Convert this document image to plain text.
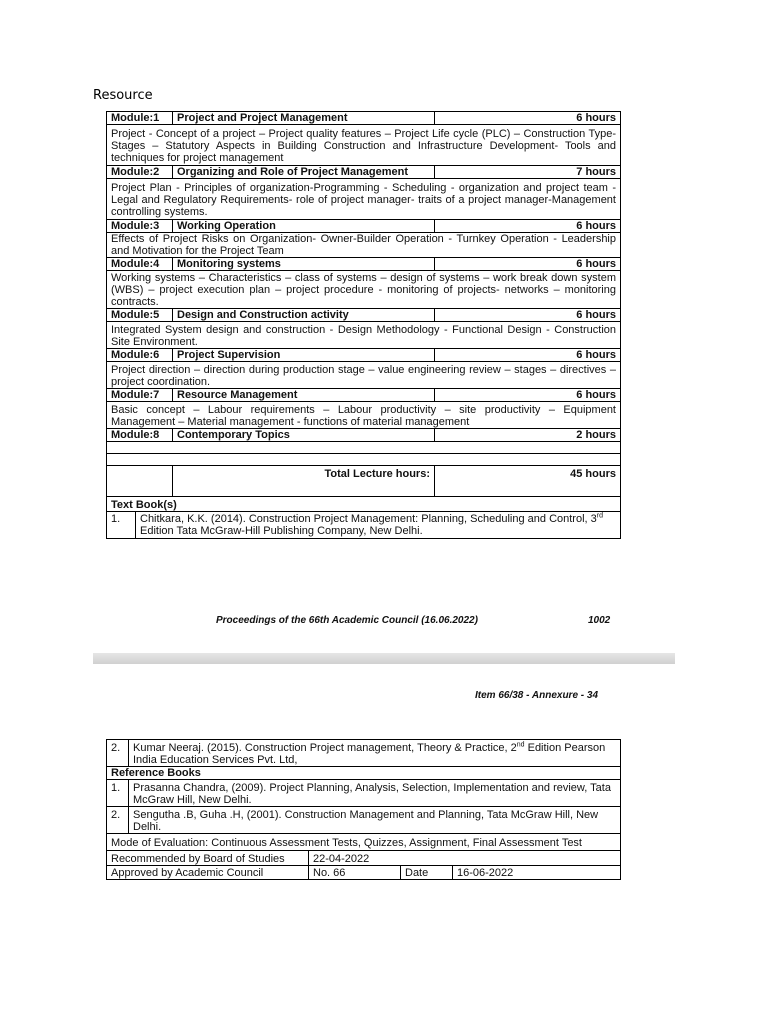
Resource
Module:1	Project and Project Management	6 hours
Project - Concept of a project – Project quality features – Project Life cycle (PLC) – Construction Type- Stages – Statutory Aspects in Building Construction and Infrastructure Development- Tools and techniques for project management
Module:2	Organizing and Role of Project Management	7 hours
Project Plan - Principles of organization-Programming - Scheduling - organization and project team - Legal and Regulatory Requirements- role of project manager- traits of a project manager-Management controlling systems.
Module:3	Working Operation	6 hours
Effects of Project Risks on Organization- Owner-Builder Operation - Turnkey Operation - Leadership and Motivation for the Project Team
Module:4	Monitoring systems	6 hours
Working systems – Characteristics – class of systems – design of systems – work break down system (WBS) – project execution plan – project procedure - monitoring of projects- networks – monitoring contracts.
Module:5	Design and Construction activity	6 hours
Integrated System design and construction - Design Methodology - Functional Design - Construction Site Environment.
Module:6	Project Supervision	6 hours
Project direction – direction during production stage – value engineering review – stages – directives – project coordination.
Module:7	Resource Management	6 hours
Basic concept – Labour requirements – Labour productivity – site productivity – Equipment Management – Material management - functions of material management
Module:8	Contemporary Topics	2 hours

	Total Lecture hours:	45 hours
Text Book(s)

1.	Chitkara, K.K. (2014). Construction Project Management: Planning, Scheduling and Control, 3rd Edition Tata McGraw-Hill Publishing Company, New Delhi.
Proceedings of the 66th Academic Council (16.06.2022)	1002
Item 66/38 - Annexure - 34
2.	Kumar Neeraj. (2015). Construction Project management, Theory & Practice, 2nd Edition Pearson India Education Services Pvt. Ltd,			
Reference Books				
1.	Prasanna Chandra, (2009). Project Planning, Analysis, Selection, Implementation and review, Tata McGraw Hill, New Delhi.			
2.	Sengutha .B, Guha .H, (2001). Construction Management and Planning, Tata McGraw Hill, New Delhi.			
Mode of Evaluation: Continuous Assessment Tests, Quizzes, Assignment, Final Assessment Test				
Recommended by Board of Studies		22-04-2022		
Approved by Academic Council		No. 66	Date	16-06-2022
